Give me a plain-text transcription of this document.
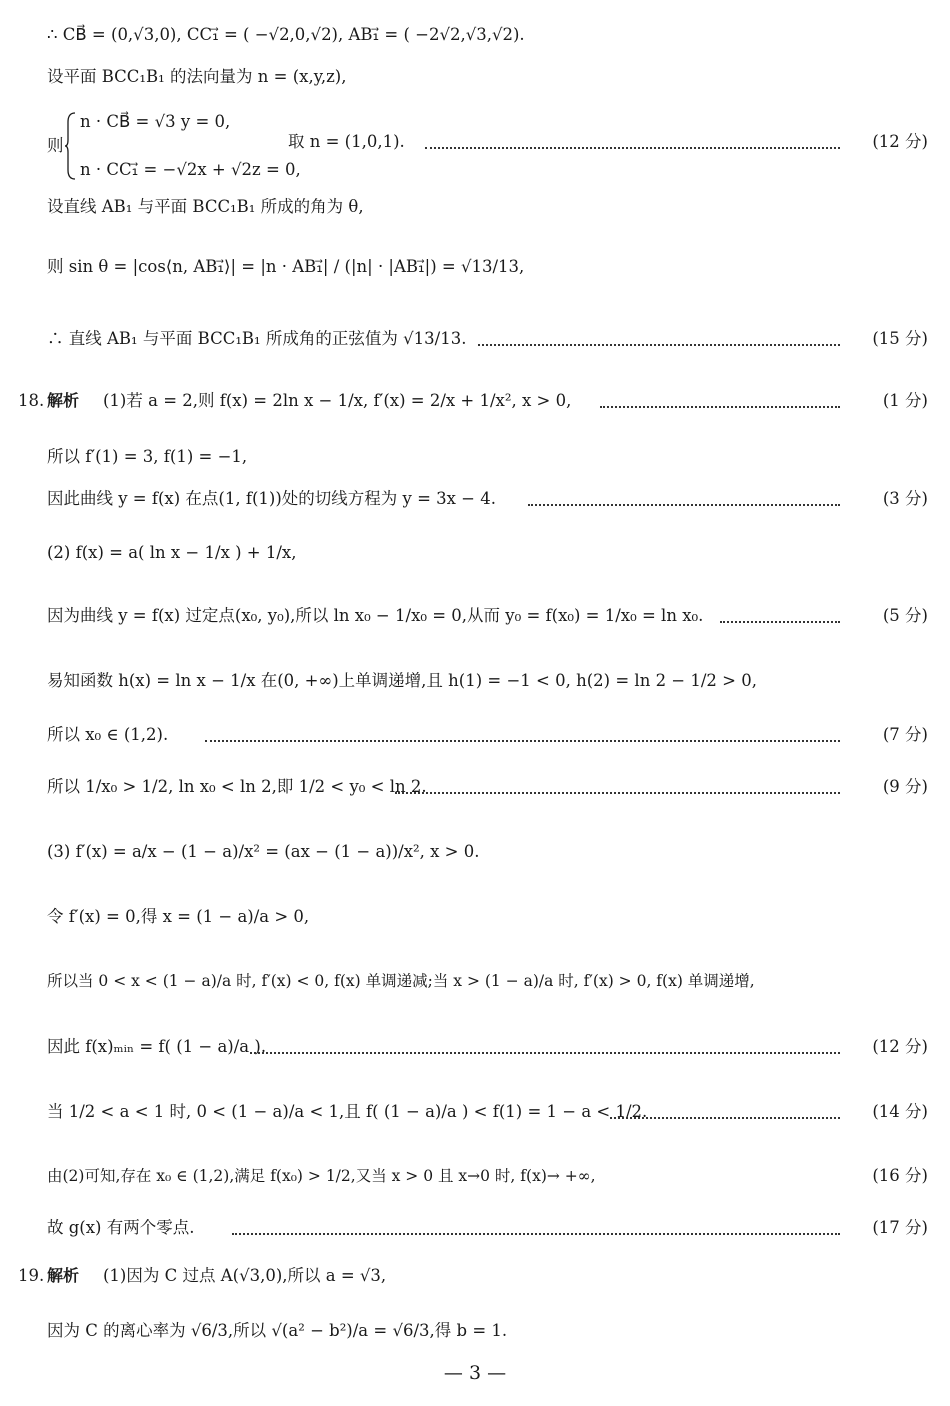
∴ CB⃗ = (0,√3,0), CC₁⃗ = ( −√2,0,√2), AB₁⃗ = ( −2√2,√3,√2).
设平面 BCC₁B₁ 的法向量为 n = (x,y,z),
则
n · CB⃗ = √3 y = 0,
n · CC₁⃗ = −√2x + √2z = 0,
取 n = (1,0,1).	(12 分)
设直线 AB₁ 与平面 BCC₁B₁ 所成的角为 θ,
则 sin θ = |cos⟨n, AB₁⃗⟩| = |n · AB₁⃗| / (|n| · |AB₁⃗|) = √13/13,
∴ 直线 AB₁ 与平面 BCC₁B₁ 所成角的正弦值为 √13/13.	(15 分)
18. 解析 (1)若 a = 2,则 f(x) = 2ln x − 1/x, f′(x) = 2/x + 1/x², x > 0,	(1 分)
所以 f′(1) = 3, f(1) = −1,
因此曲线 y = f(x) 在点(1, f(1))处的切线方程为 y = 3x − 4.	(3 分)
(2) f(x) = a( ln x − 1/x ) + 1/x,
因为曲线 y = f(x) 过定点(x₀, y₀),所以 ln x₀ − 1/x₀ = 0,从而 y₀ = f(x₀) = 1/x₀ = ln x₀.	(5 分)
易知函数 h(x) = ln x − 1/x 在(0, +∞)上单调递增,且 h(1) = −1 < 0, h(2) = ln 2 − 1/2 > 0,
所以 x₀ ∈ (1,2).	(7 分)
所以 1/x₀ > 1/2, ln x₀ < ln 2,即 1/2 < y₀ < ln 2.	(9 分)
(3) f′(x) = a/x − (1 − a)/x² = (ax − (1 − a))/x², x > 0.
令 f′(x) = 0,得 x = (1 − a)/a > 0,
所以当 0 < x < (1 − a)/a 时, f′(x) < 0, f(x) 单调递减;当 x > (1 − a)/a 时, f′(x) > 0, f(x) 单调递增,
因此 f(x)ₘᵢₙ = f( (1 − a)/a ).	(12 分)
当 1/2 < a < 1 时, 0 < (1 − a)/a < 1,且 f( (1 − a)/a ) < f(1) = 1 − a < 1/2.	(14 分)
由(2)可知,存在 x₀ ∈ (1,2),满足 f(x₀) > 1/2,又当 x > 0 且 x→0 时, f(x)→ +∞,	(16 分)
故 g(x) 有两个零点.	(17 分)
19. 解析 (1)因为 C 过点 A(√3,0),所以 a = √3,
因为 C 的离心率为 √6/3,所以 √(a² − b²)/a = √6/3,得 b = 1.
— 3 —
